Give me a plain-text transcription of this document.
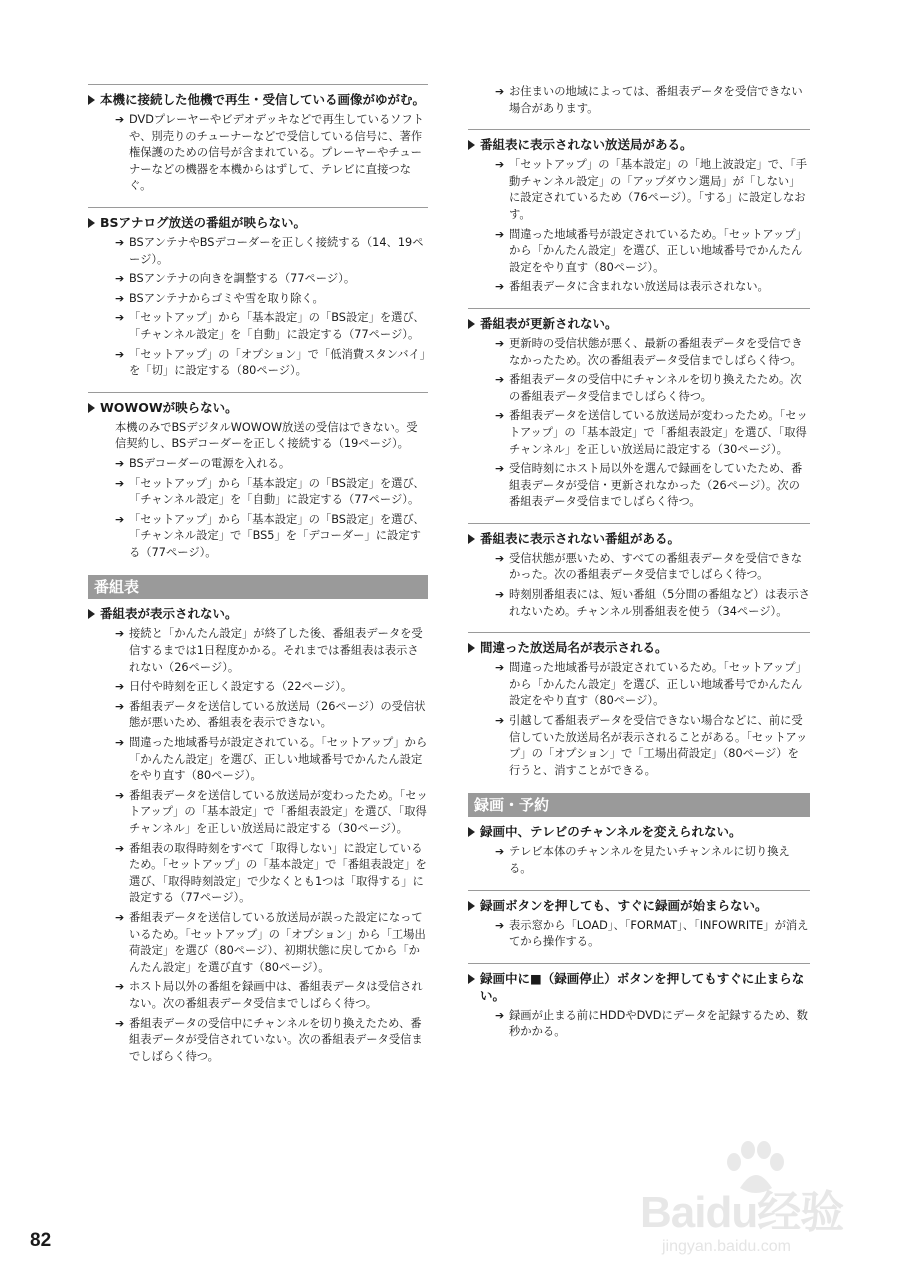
本機に接続した他機で再生・受信している画像がゆがむ。
➔ DVDプレーヤーやビデオデッキなどで再生しているソフトや、別売りのチューナーなどで受信している信号に、著作権保護のための信号が含まれている。プレーヤーやチューナーなどの機器を本機からはずして、テレビに直接つなぐ。
BSアナログ放送の番組が映らない。
➔ BSアンテナやBSデコーダーを正しく接続する（14、19ページ）。
➔ BSアンテナの向きを調整する（77ページ）。
➔ BSアンテナからゴミや雪を取り除く。
➔ 「セットアップ」から「基本設定」の「BS設定」を選び、「チャンネル設定」を「自動」に設定する（77ページ）。
➔ 「セットアップ」の「オプション」で「低消費スタンバイ」を「切」に設定する（80ページ）。
WOWOWが映らない。
本機のみでBSデジタルWOWOW放送の受信はできない。受信契約し、BSデコーダーを正しく接続する（19ページ）。
➔ BSデコーダーの電源を入れる。
➔ 「セットアップ」から「基本設定」の「BS設定」を選び、「チャンネル設定」を「自動」に設定する（77ページ）。
➔ 「セットアップ」から「基本設定」の「BS設定」を選び、「チャンネル設定」で「BS5」を「デコーダー」に設定する（77ページ）。
番組表
番組表が表示されない。
➔ 接続と「かんたん設定」が終了した後、番組表データを受信するまでは1日程度かかる。それまでは番組表は表示されない（26ページ）。
➔ 日付や時刻を正しく設定する（22ページ）。
➔ 番組表データを送信している放送局（26ページ）の受信状態が悪いため、番組表を表示できない。
➔ 間違った地域番号が設定されている。「セットアップ」から「かんたん設定」を選び、正しい地域番号でかんたん設定をやり直す（80ページ）。
➔ 番組表データを送信している放送局が変わったため。「セットアップ」の「基本設定」で「番組表設定」を選び、「取得チャンネル」を正しい放送局に設定する（30ページ）。
➔ 番組表の取得時刻をすべて「取得しない」に設定しているため。「セットアップ」の「基本設定」で「番組表設定」を選び、「取得時刻設定」で少なくとも1つは「取得する」に設定する（77ページ）。
➔ 番組表データを送信している放送局が誤った設定になっているため。「セットアップ」の「オプション」から「工場出荷設定」を選び（80ページ）、初期状態に戻してから「かんたん設定」を選び直す（80ページ）。
➔ ホスト局以外の番組を録画中は、番組表データは受信されない。次の番組表データ受信までしばらく待つ。
➔ 番組表データの受信中にチャンネルを切り換えたため、番組表データが受信されていない。次の番組表データ受信までしばらく待つ。
➔ お住まいの地域によっては、番組表データを受信できない場合があります。
番組表に表示されない放送局がある。
➔ 「セットアップ」の「基本設定」の「地上波設定」で、「手動チャンネル設定」の「アップダウン選局」が「しない」に設定されているため（76ページ）。「する」に設定しなおす。
➔ 間違った地域番号が設定されているため。「セットアップ」から「かんたん設定」を選び、正しい地域番号でかんたん設定をやり直す（80ページ）。
➔ 番組表データに含まれない放送局は表示されない。
番組表が更新されない。
➔ 更新時の受信状態が悪く、最新の番組表データを受信できなかったため。次の番組表データ受信までしばらく待つ。
➔ 番組表データの受信中にチャンネルを切り換えたため。次の番組表データ受信までしばらく待つ。
➔ 番組表データを送信している放送局が変わったため。「セットアップ」の「基本設定」で「番組表設定」を選び、「取得チャンネル」を正しい放送局に設定する（30ページ）。
➔ 受信時刻にホスト局以外を選んで録画をしていたため、番組表データが受信・更新されなかった（26ページ）。次の番組表データ受信までしばらく待つ。
番組表に表示されない番組がある。
➔ 受信状態が悪いため、すべての番組表データを受信できなかった。次の番組表データ受信までしばらく待つ。
➔ 時刻別番組表には、短い番組（5分間の番組など）は表示されないため。チャンネル別番組表を使う（34ページ）。
間違った放送局名が表示される。
➔ 間違った地域番号が設定されているため。「セットアップ」から「かんたん設定」を選び、正しい地域番号でかんたん設定をやり直す（80ページ）。
➔ 引越して番組表データを受信できない場合などに、前に受信していた放送局名が表示されることがある。「セットアップ」の「オプション」で「工場出荷設定」（80ページ）を行うと、消すことができる。
録画・予約
録画中、テレビのチャンネルを変えられない。
➔ テレビ本体のチャンネルを見たいチャンネルに切り換える。
録画ボタンを押しても、すぐに録画が始まらない。
➔ 表示窓から「LOAD」、「FORMAT」、「INFOWRITE」が消えてから操作する。
録画中に■（録画停止）ボタンを押してもすぐに止まらない。
➔ 録画が止まる前にHDDやDVDにデータを記録するため、数秒かかる。
82
Baidu经验
jingyan.baidu.com
